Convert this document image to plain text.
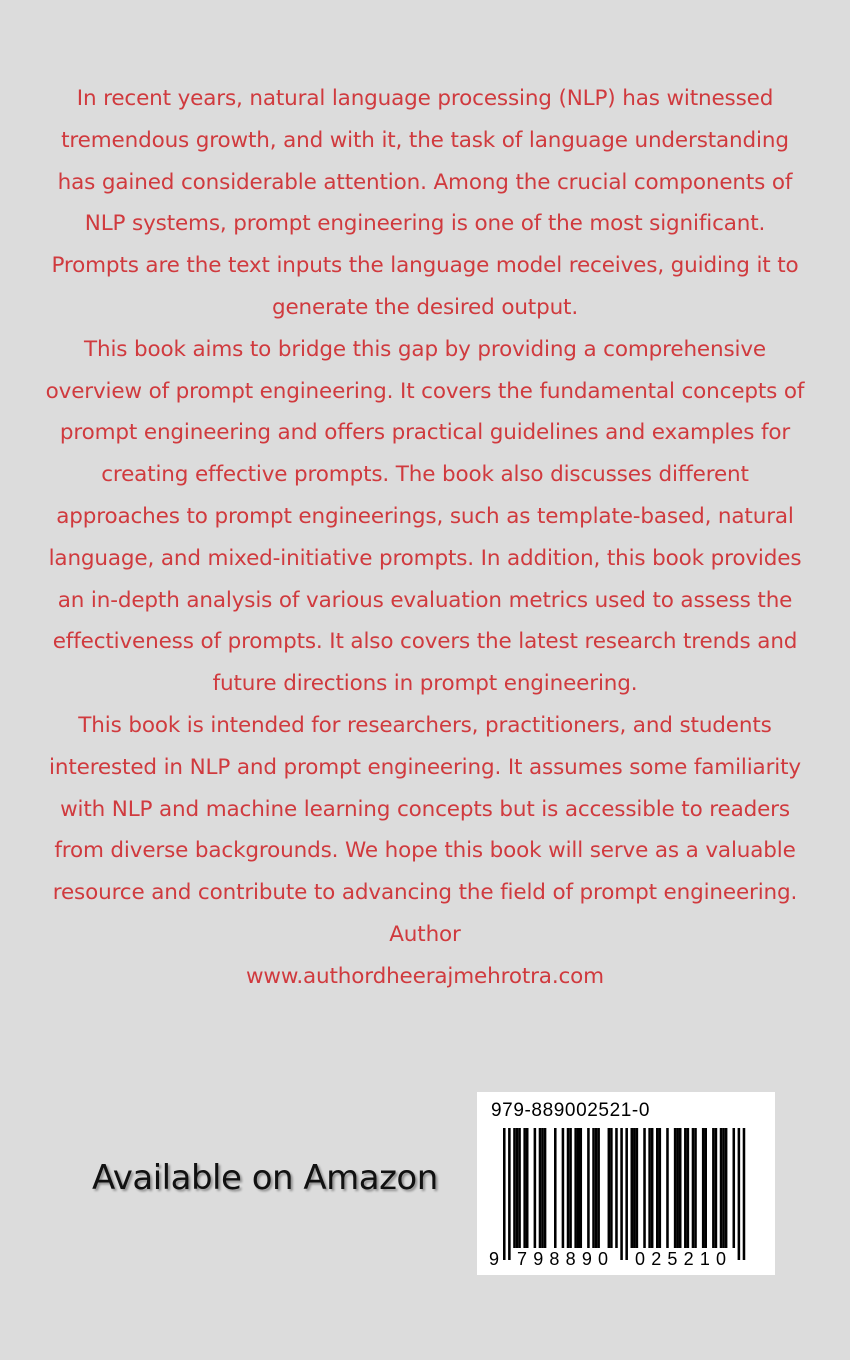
In recent years, natural language processing (NLP) has witnessed tremendous growth, and with it, the task of language understanding has gained considerable attention. Among the crucial components of NLP systems, prompt engineering is one of the most significant. Prompts are the text inputs the language model receives, guiding it to generate the desired output.

This book aims to bridge this gap by providing a comprehensive overview of prompt engineering. It covers the fundamental concepts of prompt engineering and offers practical guidelines and examples for creating effective prompts. The book also discusses different approaches to prompt engineerings, such as template-based, natural language, and mixed-initiative prompts. In addition, this book provides an in-depth analysis of various evaluation metrics used to assess the effectiveness of prompts. It also covers the latest research trends and future directions in prompt engineering.

This book is intended for researchers, practitioners, and students interested in NLP and prompt engineering. It assumes some familiarity with NLP and machine learning concepts but is accessible to readers from diverse backgrounds. We hope this book will serve as a valuable resource and contribute to advancing the field of prompt engineering.

Author

www.authordheerajmehrotra.com

Available on Amazon
979-889002521-0
9 798890 025210
